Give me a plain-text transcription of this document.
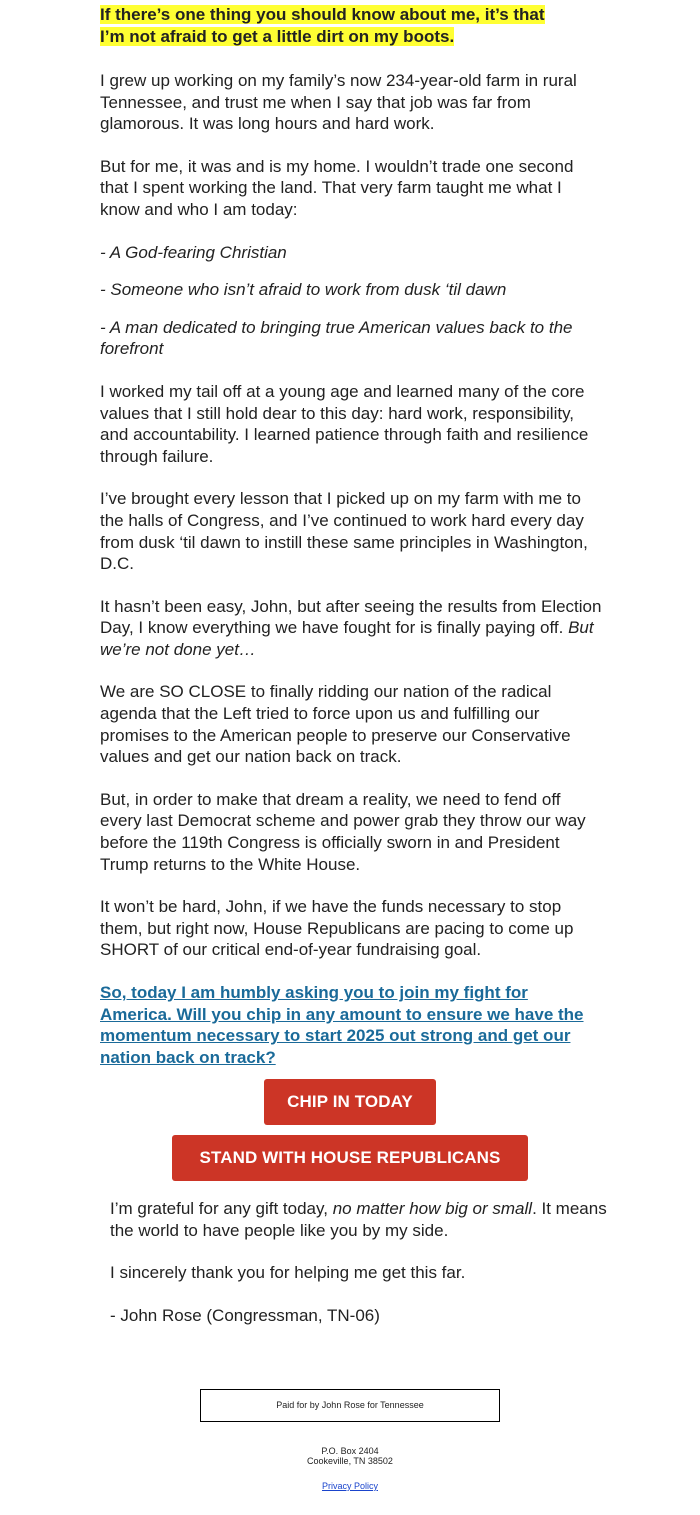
If there’s one thing you should know about me, it’s that
I’m not afraid to get a little dirt on my boots.

I grew up working on my family’s now 234-year-old farm in rural Tennessee, and trust me when I say that job was far from glamorous. It was long hours and hard work.

But for me, it was and is my home. I wouldn’t trade one second that I spent working the land. That very farm taught me what I know and who I am today:

- A God-fearing Christian

- Someone who isn’t afraid to work from dusk ‘til dawn

- A man dedicated to bringing true American values back to the forefront

I worked my tail off at a young age and learned many of the core values that I still hold dear to this day: hard work, responsibility, and accountability. I learned patience through faith and resilience through failure.

I’ve brought every lesson that I picked up on my farm with me to the halls of Congress, and I’ve continued to work hard every day from dusk ‘til dawn to instill these same principles in Washington, D.C.

It hasn’t been easy, John, but after seeing the results from Election Day, I know everything we have fought for is finally paying off. But we’re not done yet…

We are SO CLOSE to finally ridding our nation of the radical agenda that the Left tried to force upon us and fulfilling our promises to the American people to preserve our Conservative values and get our nation back on track.

But, in order to make that dream a reality, we need to fend off every last Democrat scheme and power grab they throw our way before the 119th Congress is officially sworn in and President Trump returns to the White House.

It won’t be hard, John, if we have the funds necessary to stop them, but right now, House Republicans are pacing to come up SHORT of our critical end-of-year fundraising goal.

So, today I am humbly asking you to join my fight for America. Will you chip in any amount to ensure we have the momentum necessary to start 2025 out strong and get our nation back on track?
CHIP IN TODAY
STAND WITH HOUSE REPUBLICANS

I’m grateful for any gift today, no matter how big or small. It means the world to have people like you by my side.

I sincerely thank you for helping me get this far.

- John Rose (Congressman, TN-06)

Paid for by John Rose for Tennessee
P.O. Box 2404
Cookeville, TN 38502
Privacy Policy
